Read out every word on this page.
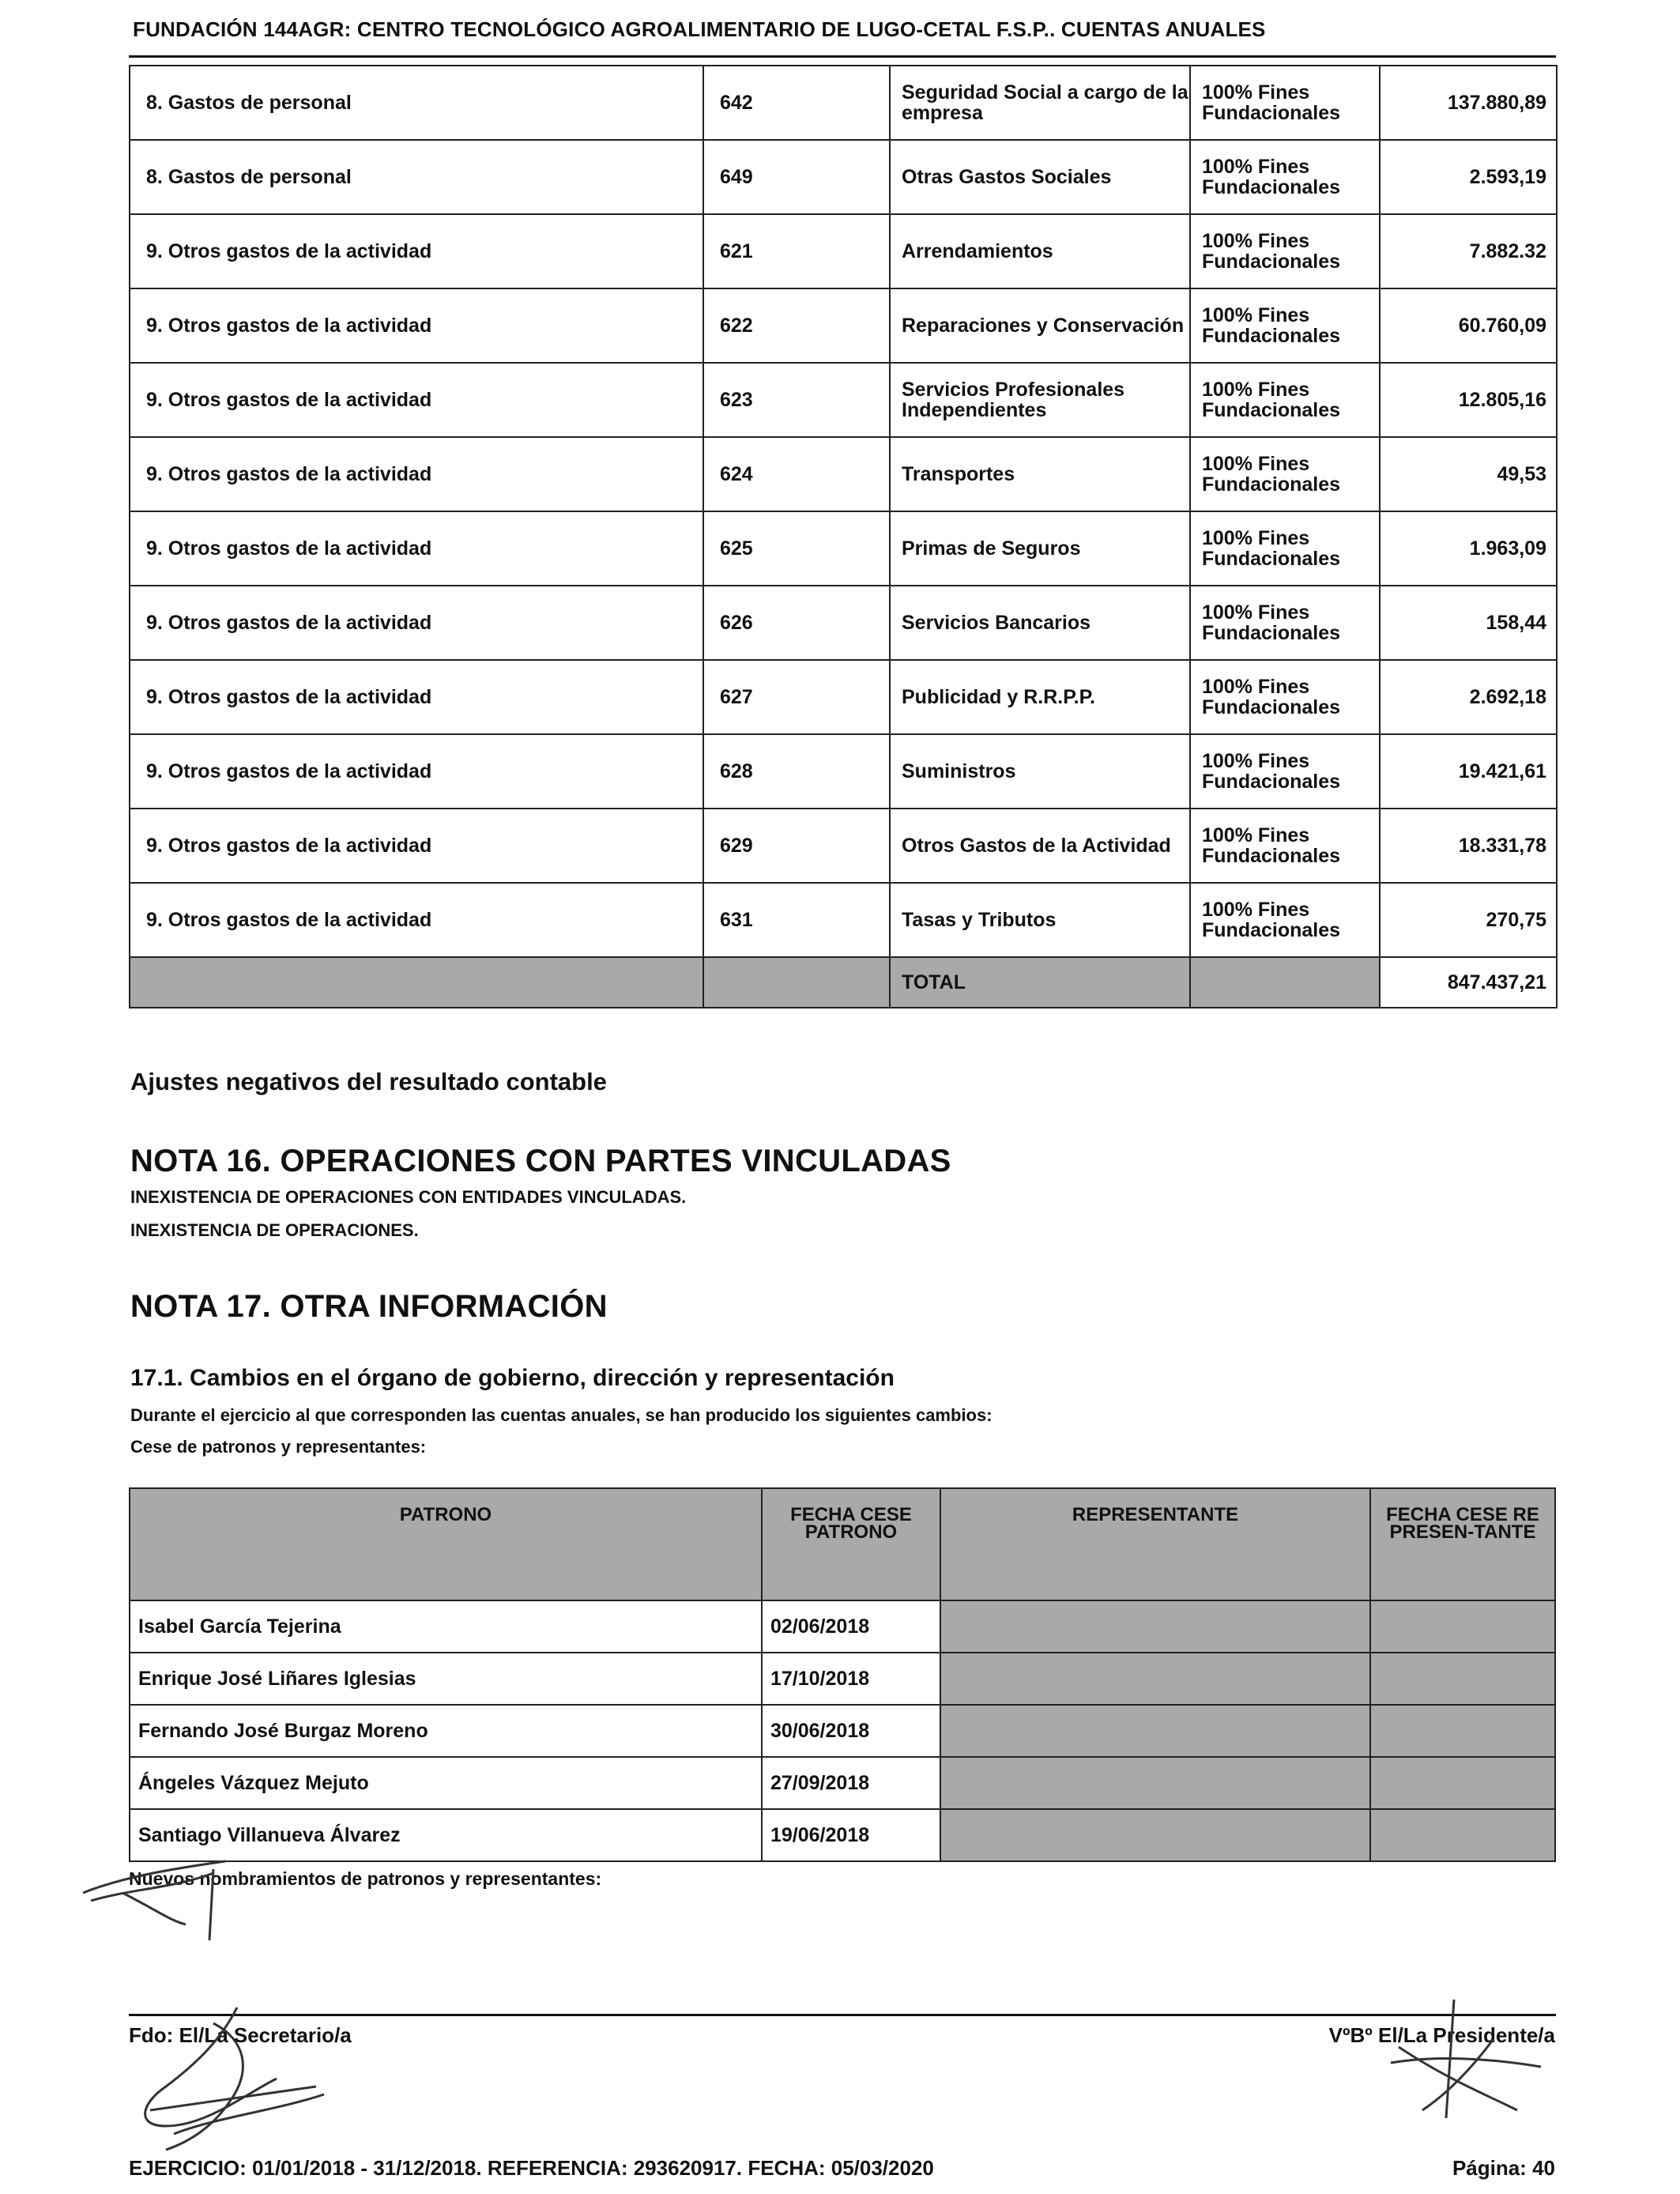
FUNDACIÓN 144AGR: CENTRO TECNOLÓGICO AGROALIMENTARIO DE LUGO-CETAL F.S.P.. CUENTAS ANUALES
8. Gastos de personal	642	Seguridad Social a cargo de la empresa	100% Fines Fundacionales	137.880,89
8. Gastos de personal	649	Otras Gastos Sociales	100% Fines Fundacionales	2.593,19
9. Otros gastos de la actividad	621	Arrendamientos	100% Fines Fundacionales	7.882.32
9. Otros gastos de la actividad	622	Reparaciones y Conservación	100% Fines Fundacionales	60.760,09
9. Otros gastos de la actividad	623	Servicios Profesionales Independientes	100% Fines Fundacionales	12.805,16
9. Otros gastos de la actividad	624	Transportes	100% Fines Fundacionales	49,53
9. Otros gastos de la actividad	625	Primas de Seguros	100% Fines Fundacionales	1.963,09
9. Otros gastos de la actividad	626	Servicios Bancarios	100% Fines Fundacionales	158,44
9. Otros gastos de la actividad	627	Publicidad y R.R.P.P.	100% Fines Fundacionales	2.692,18
9. Otros gastos de la actividad	628	Suministros	100% Fines Fundacionales	19.421,61
9. Otros gastos de la actividad	629	Otros Gastos de la Actividad	100% Fines Fundacionales	18.331,78
9. Otros gastos de la actividad	631	Tasas y Tributos	100% Fines Fundacionales	270,75
		TOTAL		847.437,21
Ajustes negativos del resultado contable
NOTA 16. OPERACIONES CON PARTES VINCULADAS
INEXISTENCIA DE OPERACIONES CON ENTIDADES VINCULADAS.
INEXISTENCIA DE OPERACIONES.
NOTA 17. OTRA INFORMACIÓN
17.1. Cambios en el órgano de gobierno, dirección y representación
Durante el ejercicio al que corresponden las cuentas anuales, se han producido los siguientes cambios:
Cese de patronos y representantes:
PATRONO	FECHA CESE PATRONO	REPRESENTANTE	FECHA CESE REPRESEN-TANTE
Isabel García Tejerina	02/06/2018		
Enrique José Liñares Iglesias	17/10/2018		
Fernando José Burgaz Moreno	30/06/2018		
Ángeles Vázquez Mejuto	27/09/2018		
Santiago Villanueva Álvarez	19/06/2018		
Nuevos nombramientos de patronos y representantes:
Fdo: El/La Secretario/a	VºBº El/La Presidente/a
EJERCICIO: 01/01/2018 - 31/12/2018. REFERENCIA: 293620917. FECHA: 05/03/2020	Página: 40
